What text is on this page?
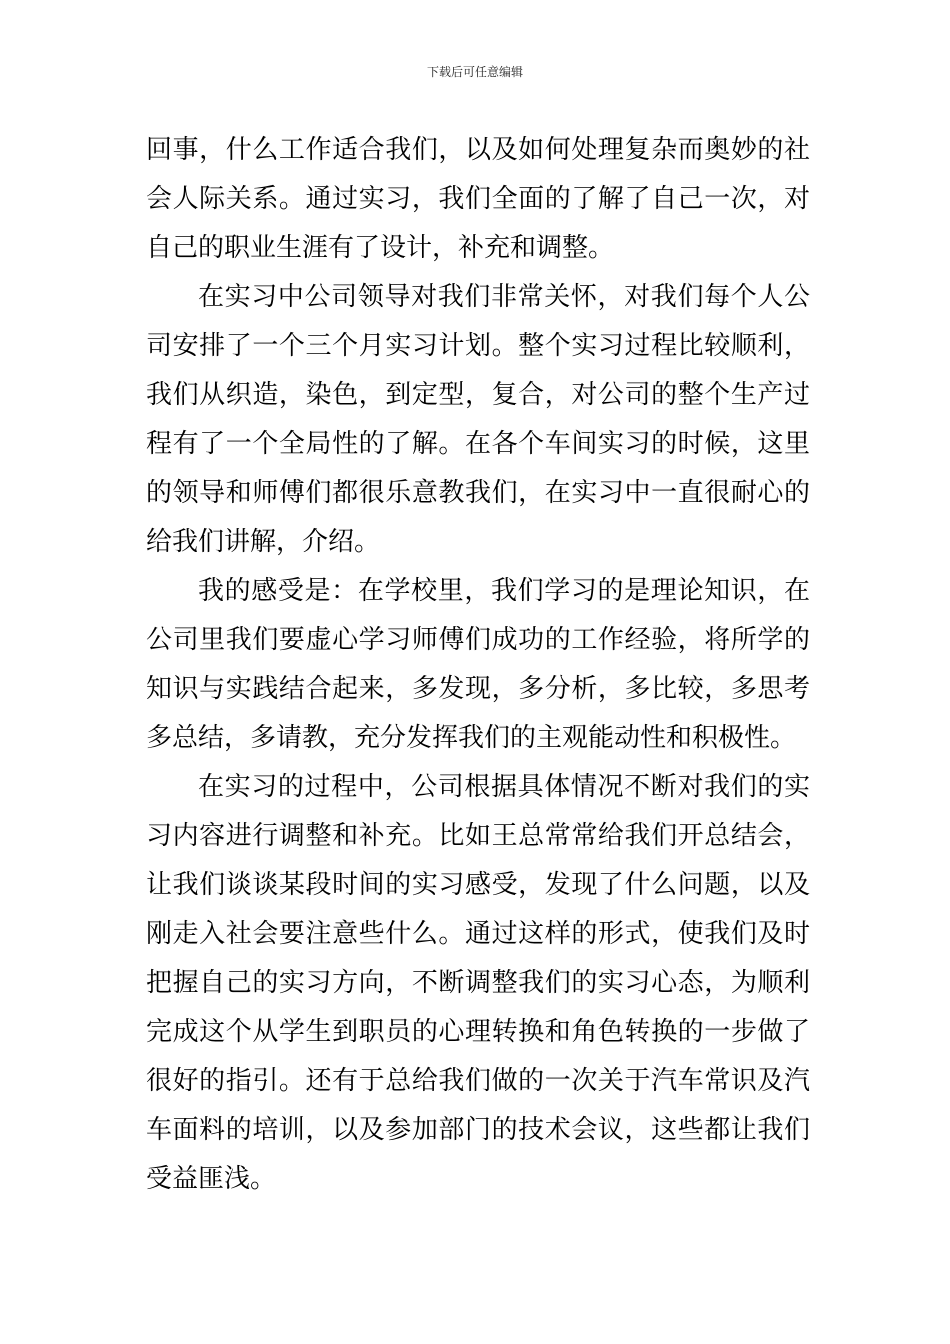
下载后可任意编辑
回事，什么工作适合我们，以及如何处理复杂而奥妙的社
会人际关系。通过实习，我们全面的了解了自己一次，对
自己的职业生涯有了设计，补充和调整。
在实习中公司领导对我们非常关怀，对我们每个人公
司安排了一个三个月实习计划。整个实习过程比较顺利，
我们从织造，染色，到定型，复合，对公司的整个生产过
程有了一个全局性的了解。在各个车间实习的时候，这里
的领导和师傅们都很乐意教我们，在实习中一直很耐心的
给我们讲解，介绍。
我的感受是：在学校里，我们学习的是理论知识，在
公司里我们要虚心学习师傅们成功的工作经验，将所学的
知识与实践结合起来，多发现，多分析，多比较，多思考
多总结，多请教，充分发挥我们的主观能动性和积极性。
在实习的过程中，公司根据具体情况不断对我们的实
习内容进行调整和补充。比如王总常常给我们开总结会，
让我们谈谈某段时间的实习感受，发现了什么问题，以及
刚走入社会要注意些什么。通过这样的形式，使我们及时
把握自己的实习方向，不断调整我们的实习心态，为顺利
完成这个从学生到职员的心理转换和角色转换的一步做了
很好的指引。还有于总给我们做的一次关于汽车常识及汽
车面料的培训，以及参加部门的技术会议，这些都让我们
受益匪浅。
